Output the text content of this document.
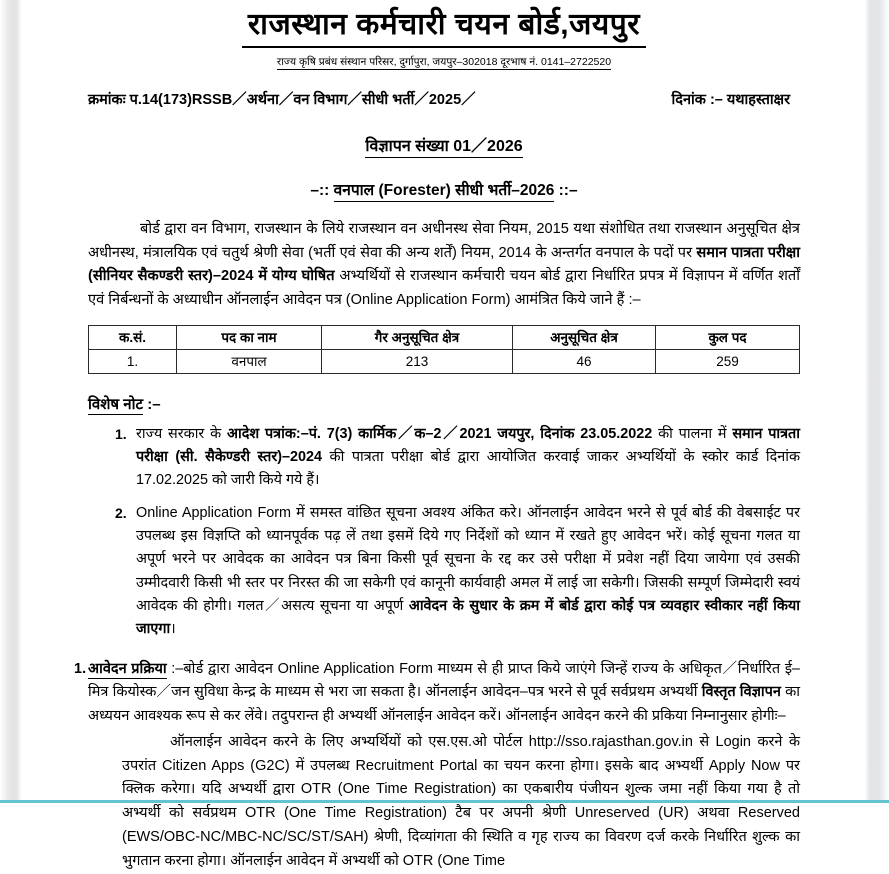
राजस्थान कर्मचारी चयन बोर्ड,जयपुर
राज्य कृषि प्रबंध संस्थान परिसर, दुर्गापुरा, जयपुर–302018 दूरभाष नं. 0141–2722520
क्रमांकः प.14(173)RSSB／अर्थना／वन विभाग／सीधी भर्ती／2025／	दिनांक :– यथाहस्ताक्षर
विज्ञापन संख्या 01／2026
–:: वनपाल (Forester) सीधी भर्ती–2026 ::–
बोर्ड द्वारा वन विभाग, राजस्थान के लिये राजस्थान वन अधीनस्थ सेवा नियम, 2015 यथा संशोधित तथा राजस्थान अनुसूचित क्षेत्र अधीनस्थ, मंत्रालयिक एवं चतुर्थ श्रेणी सेवा (भर्ती एवं सेवा की अन्य शर्तें) नियम, 2014 के अन्तर्गत वनपाल के पदों पर समान पात्रता परीक्षा (सीनियर सैकण्डरी स्तर)–2024 में योग्य घोषित अभ्यर्थियों से राजस्थान कर्मचारी चयन बोर्ड द्वारा निर्धारित प्रपत्र में विज्ञापन में वर्णित शर्तों एवं निर्बन्धनों के अध्याधीन ऑनलाईन आवेदन पत्र (Online Application Form) आमंत्रित किये जाने हैं :–
क.सं.	पद का नाम	गैर अनुसूचित क्षेत्र	अनुसूचित क्षेत्र	कुल पद
1.	वनपाल	213	46	259
विशेष नोट :–
1. राज्य सरकार के आदेश पत्रांक:–पं. 7(3) कार्मिक／क–2／2021 जयपुर, दिनांक 23.05.2022 की पालना में समान पात्रता परीक्षा (सी. सैकेण्डरी स्तर)–2024 की पात्रता परीक्षा बोर्ड द्वारा आयोजित करवाई जाकर अभ्यर्थियों के स्कोर कार्ड दिनांक 17.02.2025 को जारी किये गये हैं।
2. Online Application Form में समस्त वांछित सूचना अवश्य अंकित करे। ऑनलाईन आवेदन भरने से पूर्व बोर्ड की वेबसाईट पर उपलब्ध इस विज्ञप्ति को ध्यानपूर्वक पढ़ लें तथा इसमें दिये गए निर्देशों को ध्यान में रखते हुए आवेदन भरें। कोई सूचना गलत या अपूर्ण भरने पर आवेदक का आवेदन पत्र बिना किसी पूर्व सूचना के रद्द कर उसे परीक्षा में प्रवेश नहीं दिया जायेगा एवं उसकी उम्मीदवारी किसी भी स्तर पर निरस्त की जा सकेगी एवं कानूनी कार्यवाही अमल में लाई जा सकेगी। जिसकी सम्पूर्ण जिम्मेदारी स्वयं आवेदक की होगी। गलत／असत्य सूचना या अपूर्ण आवेदन के सुधार के क्रम में बोर्ड द्वारा कोई पत्र व्यवहार स्वीकार नहीं किया जाएगा।
1. आवेदन प्रक्रिया :–बोर्ड द्वारा आवेदन Online Application Form माध्यम से ही प्राप्त किये जाएंगे जिन्हें राज्य के अधिकृत／निर्धारित ई–मित्र कियोस्क／जन सुविधा केन्द्र के माध्यम से भरा जा सकता है। ऑनलाईन आवेदन–पत्र भरने से पूर्व सर्वप्रथम अभ्यर्थी विस्तृत विज्ञापन का अध्ययन आवश्यक रूप से कर लेंवे। तदुपरान्त ही अभ्यर्थी ऑनलाईन आवेदन करें। ऑनलाईन आवेदन करने की प्रकिया निम्नानुसार होगीः–
ऑनलाईन आवेदन करने के लिए अभ्यर्थियों को एस.एस.ओ पोर्टल http://sso.rajasthan.gov.in से Login करने के उपरांत Citizen Apps (G2C) में उपलब्ध Recruitment Portal का चयन करना होगा। इसके बाद अभ्यर्थी Apply Now पर क्लिक करेगा। यदि अभ्यर्थी द्वारा OTR (One Time Registration) का एकबारीय पंजीयन शुल्क जमा नहीं किया गया है तो अभ्यर्थी को सर्वप्रथम OTR (One Time Registration) टैब पर अपनी श्रेणी Unreserved (UR) अथवा Reserved (EWS/OBC-NC/MBC-NC/SC/ST/SAH) श्रेणी, दिव्यांगता की स्थिति व गृह राज्य का विवरण दर्ज करके निर्धारित शुल्क का भुगतान करना होगा। ऑनलाईन आवेदन में अभ्यर्थी को OTR (One Time
